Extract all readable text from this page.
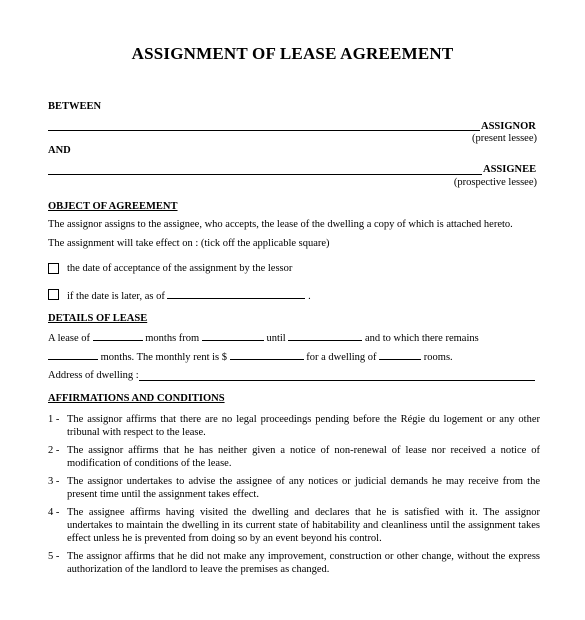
ASSIGNMENT OF LEASE AGREEMENT
BETWEEN
ASSIGNOR
(present lessee)
AND
ASSIGNEE
(prospective lessee)
OBJECT OF AGREEMENT
The assignor assigns to the assignee, who accepts, the lease of the dwelling a copy of which is attached hereto.
The assignment will take effect on : (tick off the applicable square)
the date of acceptance of the assignment by the lessor
if the date is later, as of	.
DETAILS OF LEASE
A lease of	months from	until	and to which there remains
months. The monthly rent is $	for a dwelling of	rooms.
Address of dwelling :
AFFIRMATIONS AND CONDITIONS
1 - The assignor affirms that there are no legal proceedings pending before the Régie du logement or any other tribunal with respect to the lease.
2 - The assignor affirms that he has neither given a notice of non-renewal of lease nor received a notice of modification of conditions of the lease.
3 - The assignor undertakes to advise the assignee of any notices or judicial demands he may receive from the present time until the assignment takes effect.
4 - The assignee affirms having visited the dwelling and declares that he is satisfied with it. The assignor undertakes to maintain the dwelling in its current state of habitability and cleanliness until the assignment takes effect unless he is prevented from doing so by an event beyond his control.
5 - The assignor affirms that he did not make any improvement, construction or other change, without the express authorization of the landlord to leave the premises as changed.
